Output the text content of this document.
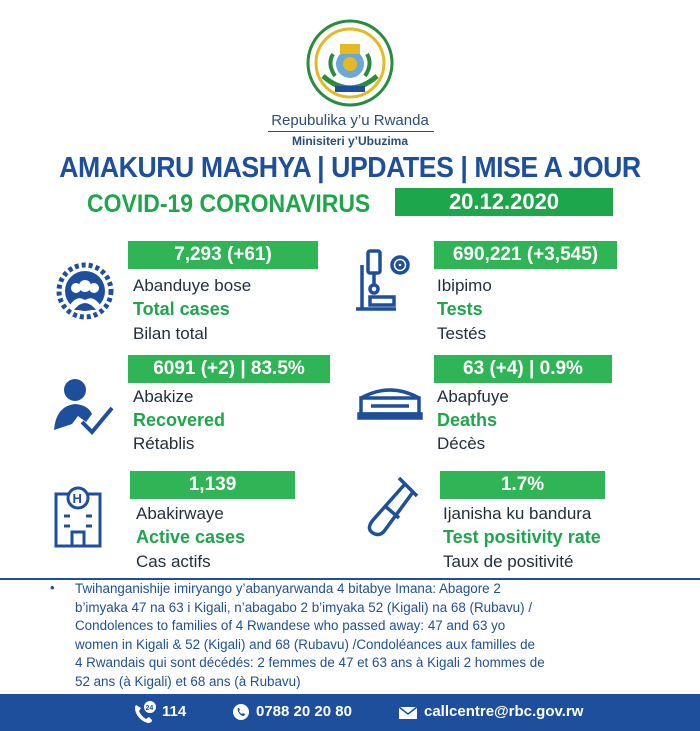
Repubulika y’u Rwanda
Minisiteri y’Ubuzima
AMAKURU MASHYA | UPDATES | MISE A JOUR
COVID-19 CORONAVIRUS	20.12.2020
7,293 (+61)
Abanduye bose
Total cases
Bilan total
690,221 (+3,545)
Ibipimo
Tests
Testés
6091 (+2) | 83.5%
Abakize
Recovered
Rétablis
63 (+4) | 0.9%
Abapfuye
Deaths
Décès
H
1,139
Abakirwaye
Active cases
Cas actifs
1.7%
Ijanisha ku bandura
Test positivity rate
Taux de positivité
• Twihanganishije imiryango y’abanyarwanda 4 bitabye Imana: Abagore 2
b’imyaka 47 na 63 i Kigali, n’abagabo 2 b’imyaka 52 (Kigali) na 68 (Rubavu) /
Condolences to families of 4 Rwandese who passed away: 47 and 63 yo
women in Kigali & 52 (Kigali) and 68 (Rubavu) /Condoléances aux familles de
4 Rwandais qui sont décédés: 2 femmes de 47 et 63 ans à Kigali 2 hommes de
52 ans (à Kigali) et 68 ans (à Rubavu)
24 114	0788 20 20 80	callcentre@rbc.gov.rw
